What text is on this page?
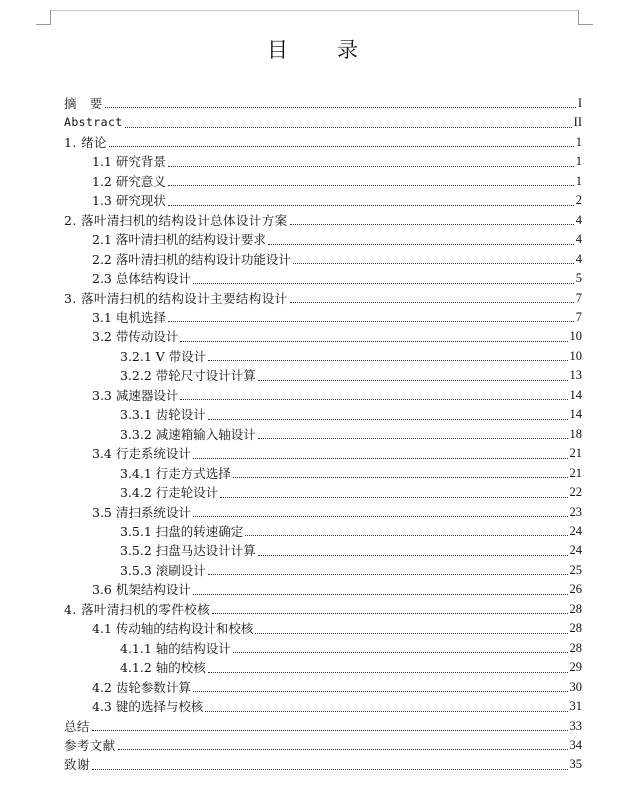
目　录
摘　要	I
Abstract	II
1. 绪论	1
1.1 研究背景	1
1.2 研究意义	1
1.3 研究现状	2
2. 落叶清扫机的结构设计总体设计方案	4
2.1 落叶清扫机的结构设计要求	4
2.2 落叶清扫机的结构设计功能设计	4
2.3 总体结构设计	5
3. 落叶清扫机的结构设计主要结构设计	7
3.1 电机选择	7
3.2 带传动设计	10
3.2.1 V 带设计	10
3.2.2 带轮尺寸设计计算	13
3.3 减速器设计	14
3.3.1 齿轮设计	14
3.3.2 减速箱输入轴设计	18
3.4 行走系统设计	21
3.4.1 行走方式选择	21
3.4.2 行走轮设计	22
3.5 清扫系统设计	23
3.5.1 扫盘的转速确定	24
3.5.2 扫盘马达设计计算	24
3.5.3 滚刷设计	25
3.6 机架结构设计	26
4. 落叶清扫机的零件校核	28
4.1 传动轴的结构设计和校核	28
4.1.1 轴的结构设计	28
4.1.2 轴的校核	29
4.2 齿轮参数计算	30
4.3 键的选择与校核	31
总结	33
参考文献	34
致谢	35
